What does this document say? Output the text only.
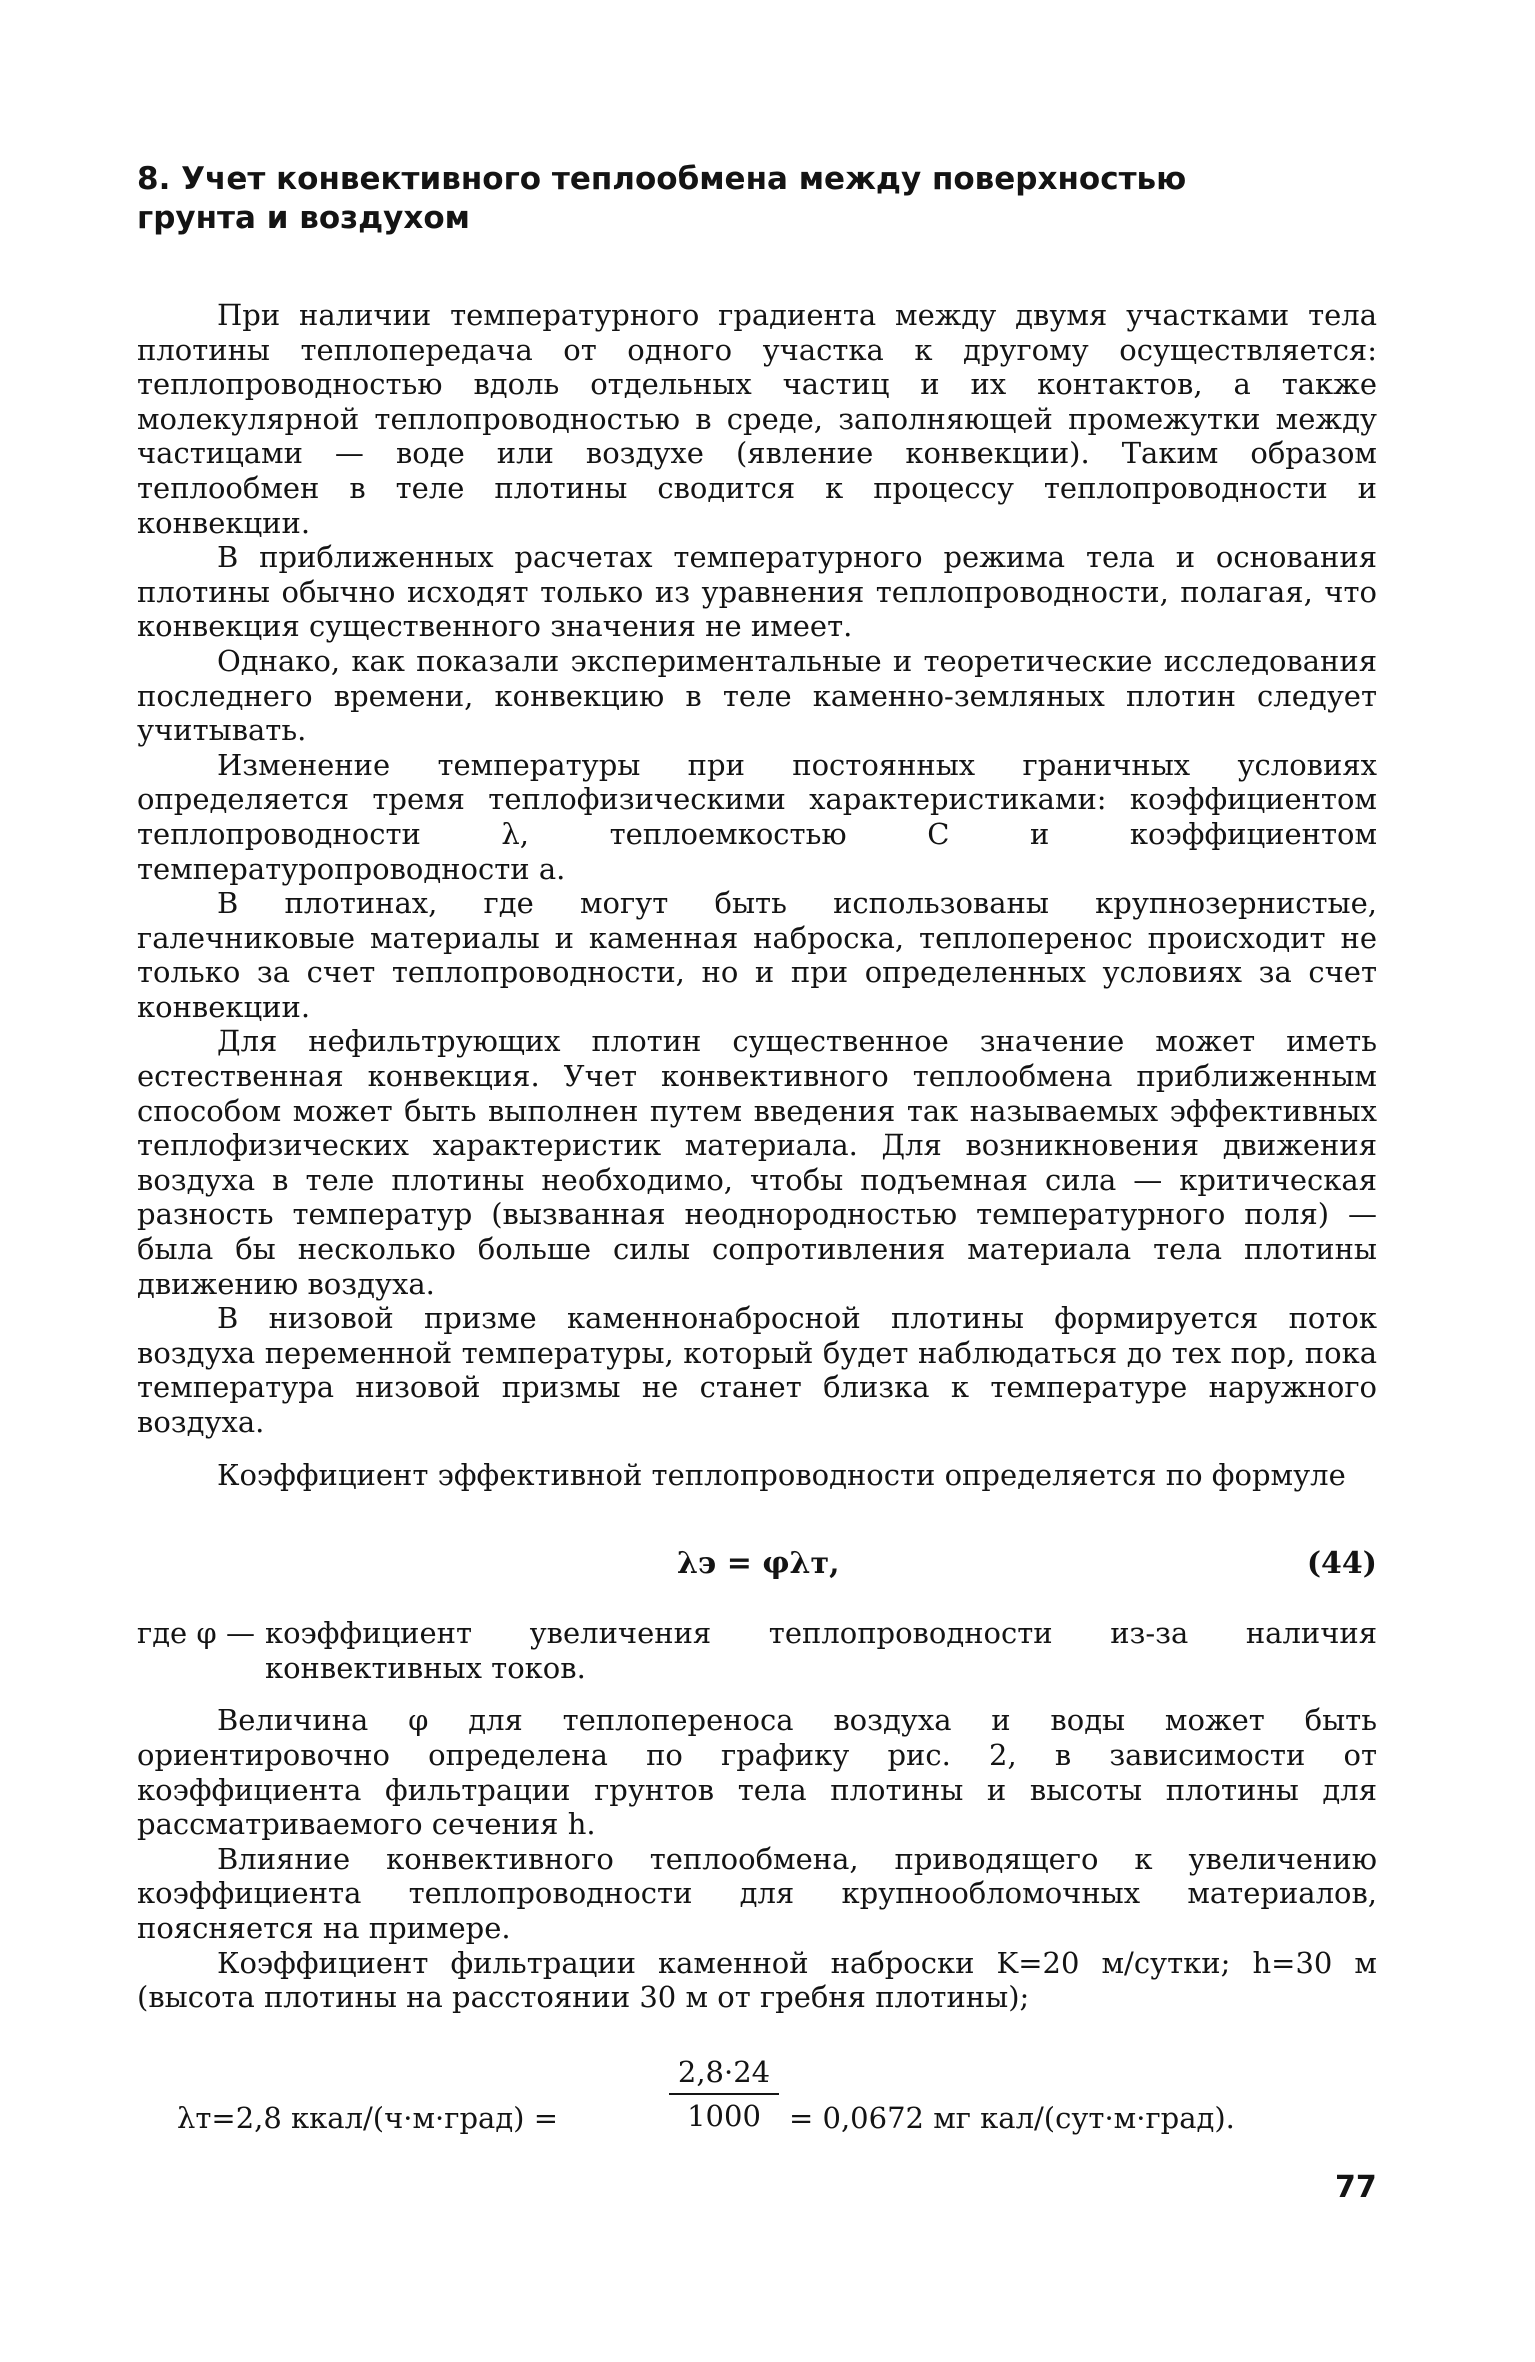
8. Учет конвективного теплообмена между поверхностью грунта и воздухом

При наличии температурного градиента между двумя участками тела плотины теплопередача от одного участка к другому осуществляется: теплопроводностью вдоль отдельных частиц и их контактов, а также молекулярной теплопроводностью в среде, заполняющей промежутки между частицами — воде или воздухе (явление конвекции). Таким образом теплообмен в теле плотины сводится к процессу теплопроводности и конвекции.

В приближенных расчетах температурного режима тела и основания плотины обычно исходят только из уравнения теплопроводности, полагая, что конвекция существенного значения не имеет.

Однако, как показали экспериментальные и теоретические исследования последнего времени, конвекцию в теле каменно-земляных плотин следует учитывать.

Изменение температуры при постоянных граничных условиях определяется тремя теплофизическими характеристиками: коэффициентом теплопроводности λ, теплоемкостью C и коэффициентом температуропроводности a.

В плотинах, где могут быть использованы крупнозернистые, галечниковые материалы и каменная наброска, теплоперенос происходит не только за счет теплопроводности, но и при определенных условиях за счет конвекции.

Для нефильтрующих плотин существенное значение может иметь естественная конвекция. Учет конвективного теплообмена приближенным способом может быть выполнен путем введения так называемых эффективных теплофизических характеристик материала. Для возникновения движения воздуха в теле плотины необходимо, чтобы подъемная сила — критическая разность температур (вызванная неоднородностью температурного поля) — была бы несколько больше силы сопротивления материала тела плотины движению воздуха.

В низовой призме каменнонабросной плотины формируется поток воздуха переменной температуры, который будет наблюдаться до тех пор, пока температура низовой призмы не станет близка к температуре наружного воздуха.

Коэффициент эффективной теплопроводности определяется по формуле

λэ = φλт,	(44)
где φ — коэффициент увеличения теплопроводности из-за наличия конвективных токов.

Величина φ для теплопереноса воздуха и воды может быть ориентировочно определена по графику рис. 2, в зависимости от коэффициента фильтрации грунтов тела плотины и высоты плотины для рассматриваемого сечения h.

Влияние конвективного теплообмена, приводящего к увеличению коэффициента теплопроводности для крупнообломочных материалов, поясняется на примере.

Коэффициент фильтрации каменной наброски K=20 м/сутки; h=30 м (высота плотины на расстоянии 30 м от гребня плотины);

λт=2,8 ккал/(ч·м·град) =	$\frac{2,8\cdot 24}{1000} = 0,0672$ мг кал/(сут·м·град).
77
